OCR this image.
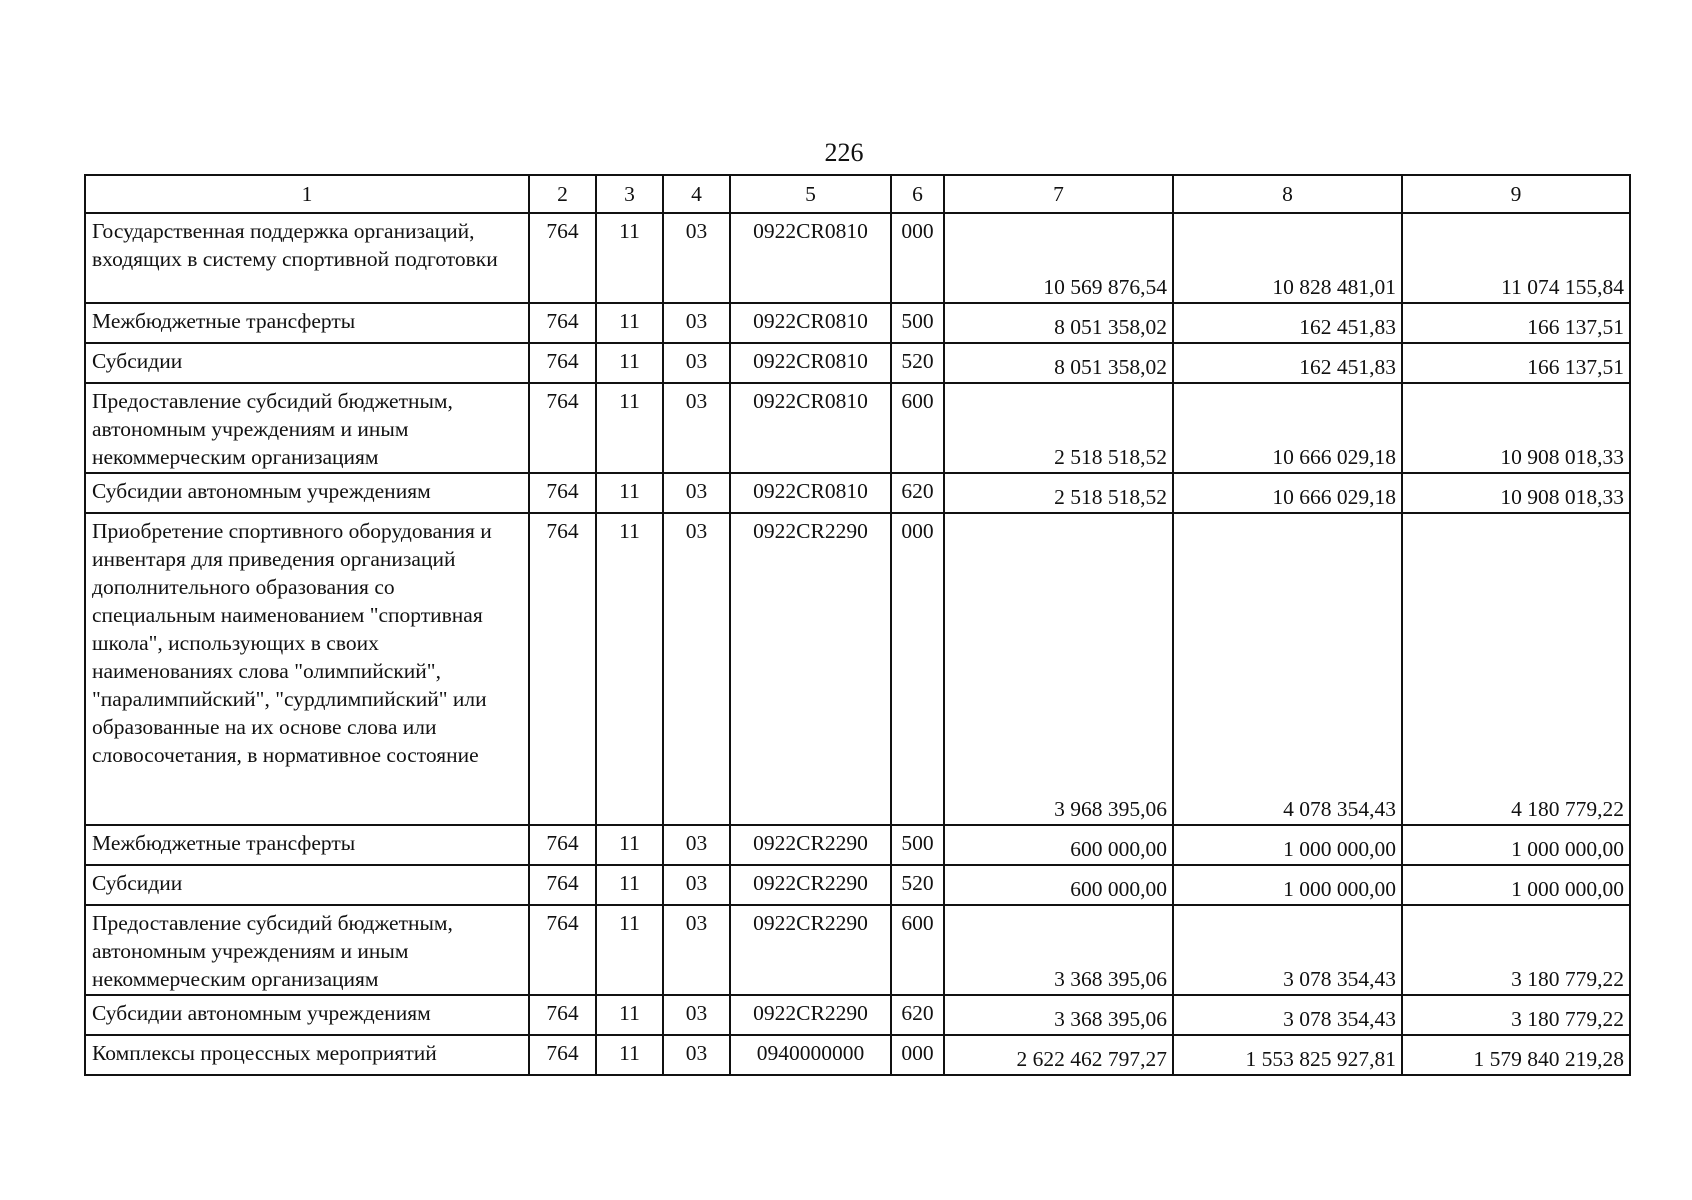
226
1	2	3	4	5	6	7	8	9
Государственная поддержка организаций, входящих в систему спортивной подготовки	764	11	03	0922CR0810	000	10 569 876,54	10 828 481,01	11 074 155,84
Межбюджетные трансферты	764	11	03	0922CR0810	500	8 051 358,02	162 451,83	166 137,51
Субсидии	764	11	03	0922CR0810	520	8 051 358,02	162 451,83	166 137,51
Предоставление субсидий бюджетным, автономным учреждениям и иным некоммерческим организациям	764	11	03	0922CR0810	600	2 518 518,52	10 666 029,18	10 908 018,33
Субсидии автономным учреждениям	764	11	03	0922CR0810	620	2 518 518,52	10 666 029,18	10 908 018,33
Приобретение спортивного оборудования и инвентаря для приведения организаций дополнительного образования со специальным наименованием "спортивная школа", использующих в своих наименованиях слова "олимпийский", "паралимпийский", "сурдлимпийский" или образованные на их основе слова или словосочетания, в нормативное состояние	764	11	03	0922CR2290	000	3 968 395,06	4 078 354,43	4 180 779,22
Межбюджетные трансферты	764	11	03	0922CR2290	500	600 000,00	1 000 000,00	1 000 000,00
Субсидии	764	11	03	0922CR2290	520	600 000,00	1 000 000,00	1 000 000,00
Предоставление субсидий бюджетным, автономным учреждениям и иным некоммерческим организациям	764	11	03	0922CR2290	600	3 368 395,06	3 078 354,43	3 180 779,22
Субсидии автономным учреждениям	764	11	03	0922CR2290	620	3 368 395,06	3 078 354,43	3 180 779,22
Комплексы процессных мероприятий	764	11	03	0940000000	000	2 622 462 797,27	1 553 825 927,81	1 579 840 219,28
